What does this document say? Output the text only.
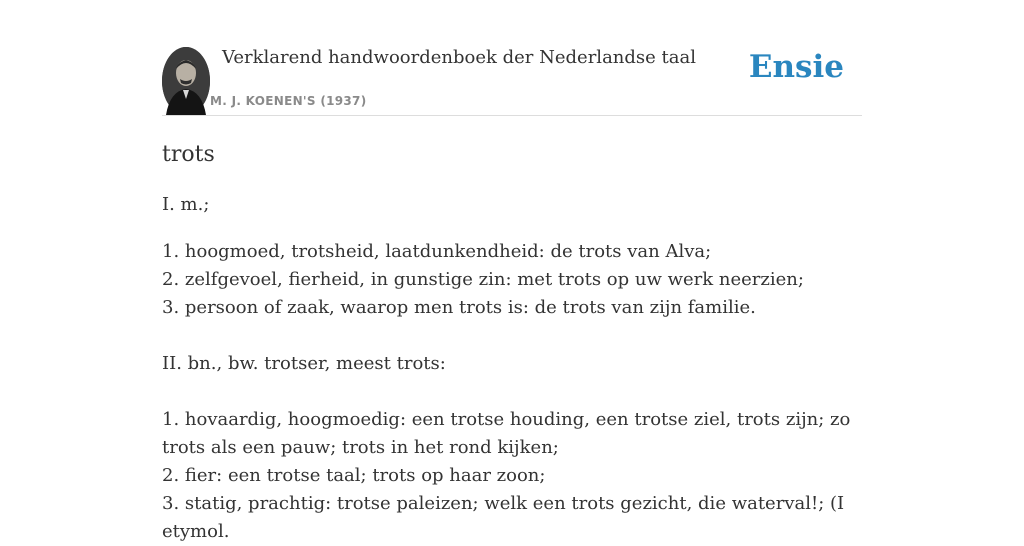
Verklarend handwoordenboek der Nederlandse taal
M. J. KOENEN'S (1937)
Ensie
trots

I. m.;

1. hoogmoed, trotsheid, laatdunkendheid: de trots van Alva;

2. zelfgevoel, fierheid, in gunstige zin: met trots op uw werk neerzien;

3. persoon of zaak, waarop men trots is: de trots van zijn familie.

II. bn., bw. trotser, meest trots:

1. hovaardig, hoogmoedig: een trotse houding, een trotse ziel, trots zijn; zo trots als een pauw; trots in het rond kijken;

2. fier: een trotse taal; trots op haar zoon;

3. statig, prachtig: trotse paleizen; welk een trots gezicht, die waterval!; (I etymol.
